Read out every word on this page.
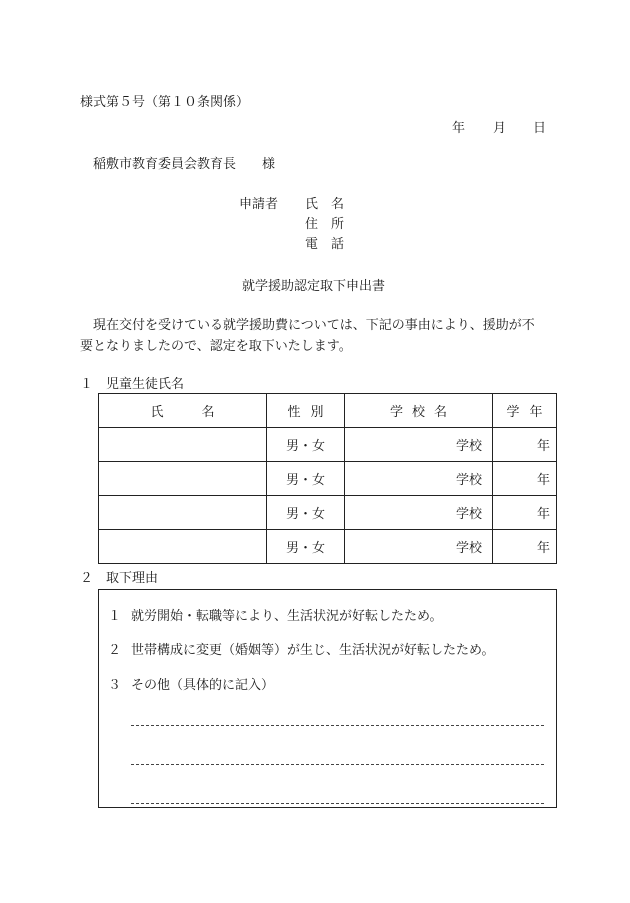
様式第５号（第１０条関係）
年 月 日
稲敷市教育委員会教育長　　様
申請者 氏　名
住　所
電　話
就学援助認定取下申出書
現在交付を受けている就学援助費については、下記の事由により、援助が不
要となりましたので、認定を取下いたします。
１　児童生徒氏名
氏名	性別	学校名	学年
	男・女	学校	年
	男・女	学校	年
	男・女	学校	年
	男・女	学校	年
２　取下理由
１ 就労開始・転職等により、生活状況が好転したため。
２ 世帯構成に変更（婚姻等）が生じ、生活状況が好転したため。
３ その他（具体的に記入）
